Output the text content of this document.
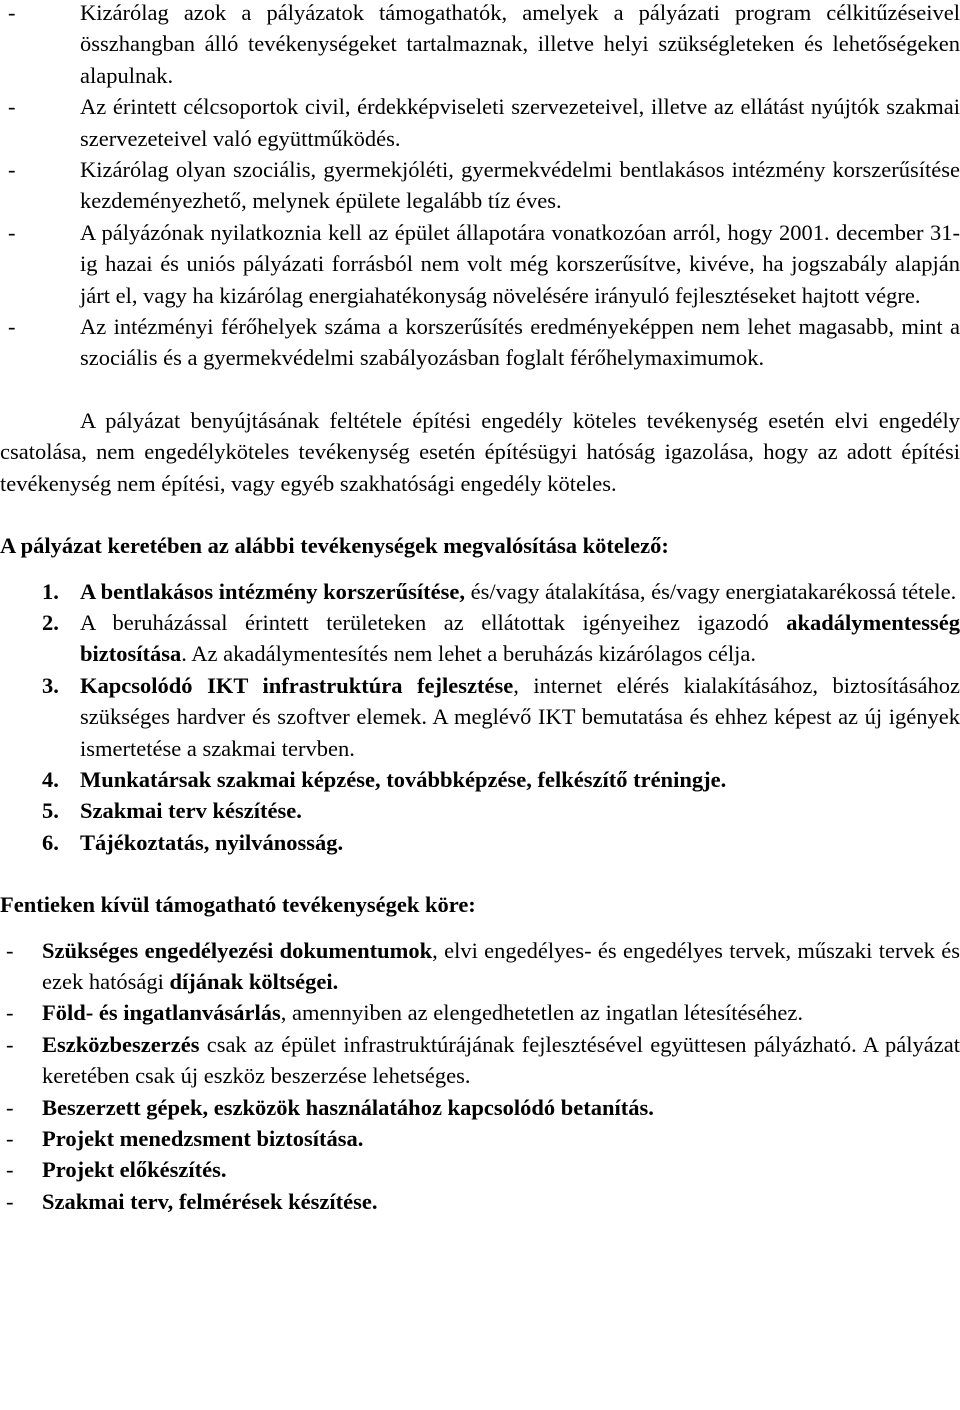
-	Kizárólag azok a pályázatok támogathatók, amelyek a pályázati program célkitűzéseivel összhangban álló tevékenységeket tartalmaznak, illetve helyi szükségleteken és lehetőségeken alapulnak.

-	Az érintett célcsoportok civil, érdekképviseleti szervezeteivel, illetve az ellátást nyújtók szakmai szervezeteivel való együttműködés.

-	Kizárólag olyan szociális, gyermekjóléti, gyermekvédelmi bentlakásos intézmény korszerűsítése kezdeményezhető, melynek épülete legalább tíz éves.

-	A pályázónak nyilatkoznia kell az épület állapotára vonatkozóan arról, hogy 2001. december 31-ig hazai és uniós pályázati forrásból nem volt még korszerűsítve, kivéve, ha jogszabály alapján járt el, vagy ha kizárólag energiahatékonyság növelésére irányuló fejlesztéseket hajtott végre.

-	Az intézményi férőhelyek száma a korszerűsítés eredményeképpen nem lehet magasabb, mint a szociális és a gyermekvédelmi szabályozásban foglalt férőhelymaximumok.

A pályázat benyújtásának feltétele építési engedély köteles tevékenység esetén elvi engedély csatolása, nem engedélyköteles tevékenység esetén építésügyi hatóság igazolása, hogy az adott építési tevékenység nem építési, vagy egyéb szakhatósági engedély köteles.

A pályázat keretében az alábbi tevékenységek megvalósítása kötelező:

1. A bentlakásos intézmény korszerűsítése, és/vagy átalakítása, és/vagy energiatakarékossá tétele.

2. A beruházással érintett területeken az ellátottak igényeihez igazodó akadálymentesség biztosítása. Az akadálymentesítés nem lehet a beruházás kizárólagos célja.

3. Kapcsolódó IKT infrastruktúra fejlesztése, internet elérés kialakításához, biztosításához szükséges hardver és szoftver elemek. A meglévő IKT bemutatása és ehhez képest az új igények ismertetése a szakmai tervben.

4. Munkatársak szakmai képzése, továbbképzése, felkészítő tréningje.

5. Szakmai terv készítése.

6. Tájékoztatás, nyilvánosság.

Fentieken kívül támogatható tevékenységek köre:

- Szükséges engedélyezési dokumentumok, elvi engedélyes- és engedélyes tervek, műszaki tervek és ezek hatósági díjának költségei.

- Föld- és ingatlanvásárlás, amennyiben az elengedhetetlen az ingatlan létesítéséhez.

- Eszközbeszerzés csak az épület infrastruktúrájának fejlesztésével együttesen pályázható. A pályázat keretében csak új eszköz beszerzése lehetséges.

- Beszerzett gépek, eszközök használatához kapcsolódó betanítás.

- Projekt menedzsment biztosítása.

- Projekt előkészítés.

- Szakmai terv, felmérések készítése.
